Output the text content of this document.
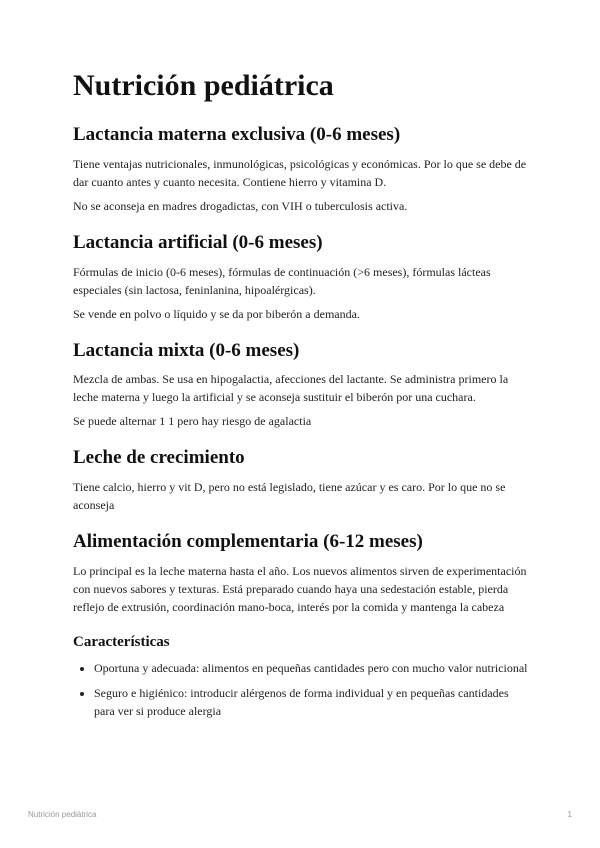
Nutrición pediátrica
Lactancia materna exclusiva (0-6 meses)

Tiene ventajas nutricionales, inmunológicas, psicológicas y económicas. Por lo que se debe de dar cuanto antes y cuanto necesita. Contiene hierro y vitamina D.

No se aconseja en madres drogadictas, con VIH o tuberculosis activa.

Lactancia artificial (0-6 meses)

Fórmulas de inicio (0-6 meses), fórmulas de continuación (>6 meses), fórmulas lácteas especiales (sin lactosa, feninlanina, hipoalérgicas).

Se vende en polvo o líquido y se da por biberón a demanda.

Lactancia mixta (0-6 meses)

Mezcla de ambas. Se usa en hipogalactia, afecciones del lactante. Se administra primero la leche materna y luego la artificial y se aconseja sustituir el biberón por una cuchara.

Se puede alternar 1 1 pero hay riesgo de agalactia

Leche de crecimiento

Tiene calcio, hierro y vit D, pero no está legislado, tiene azúcar y es caro. Por lo que no se aconseja

Alimentación complementaria (6-12 meses)

Lo principal es la leche materna hasta el año. Los nuevos alimentos sirven de experimentación con nuevos sabores y texturas. Está preparado cuando haya una sedestación estable, pierda reflejo de extrusión, coordinación mano-boca, interés por la comida y mantenga la cabeza

Características
• Oportuna y adecuada: alimentos en pequeñas cantidades pero con mucho valor nutricional
• Seguro e higiénico: introducir alérgenos de forma individual y en pequeñas cantidades para ver si produce alergia
Nutrición pediátrica	1
